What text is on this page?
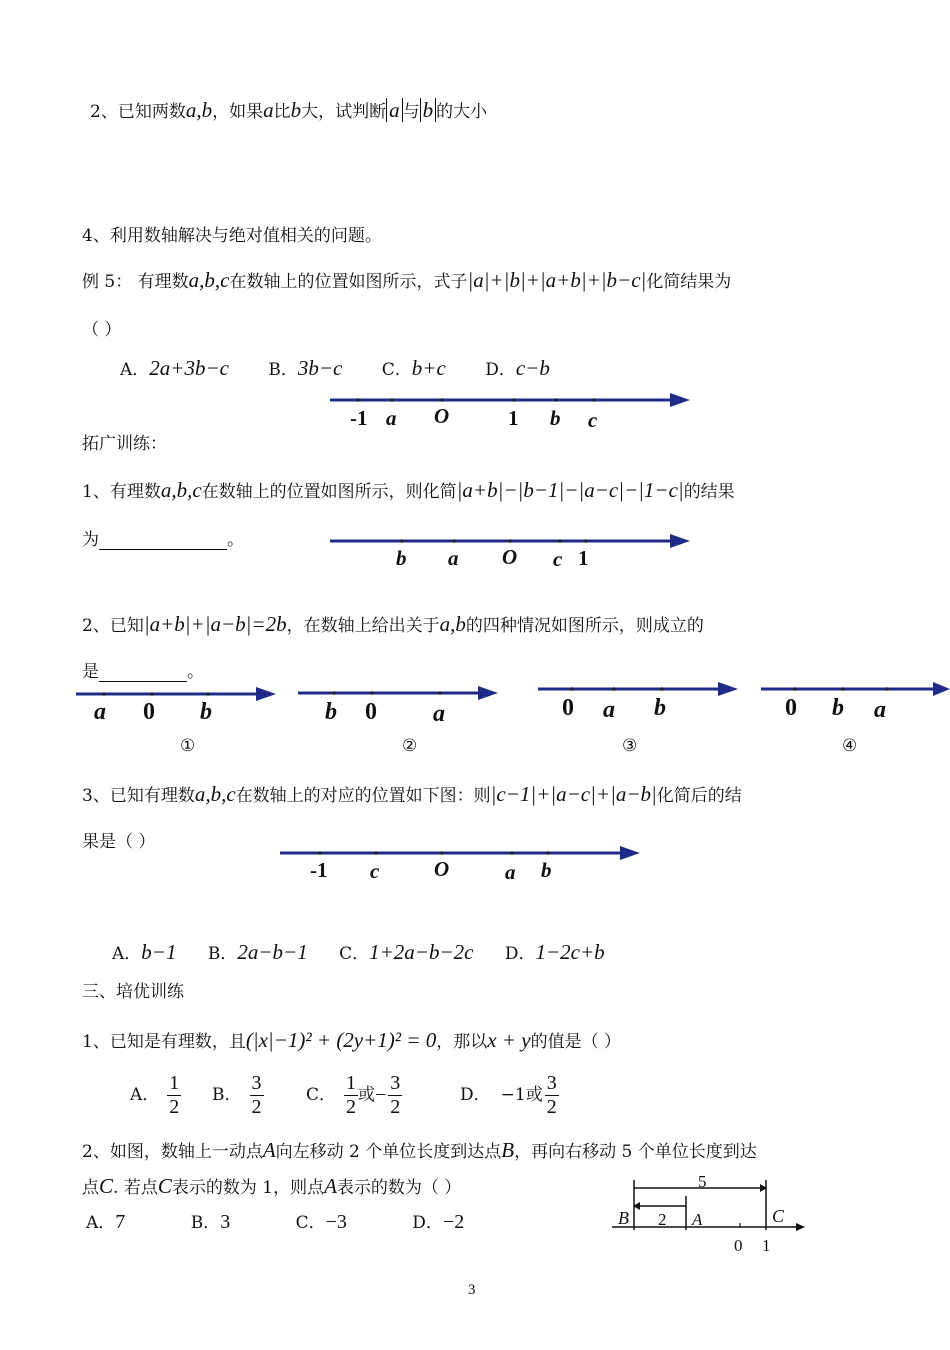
2、已知两数a,b，如果a比b大，试判断 a 与 b 的大小
4、利用数轴解决与绝对值相关的问题。
例 5： 有理数a,b,c在数轴上的位置如图所示，式子|a|+|b|+|a+b|+|b−c|化简结果为
（ ）
A．2a+3b−c B．3b−c C．b+c D．c−b
-1 a O	1 b c
拓广训练：
1、有理数a,b,c在数轴上的位置如图所示，则化简|a+b|−|b−1|−|a−c|−|1−c|的结果
为	。
b a O c 1
2、已知|a+b|+|a−b|=2b，在数轴上给出关于a,b的四种情况如图所示，则成立的
是	。
a 0 b
①
b 0 a
②
0 a b
③
0 b a
④
3、已知有理数a,b,c在数轴上的对应的位置如下图：则|c−1|+|a−c|+|a−b|化简后的结
果是（ ）
-1 c	O	a b
A．b−1 B．2a−b−1 C．1+2a−b−2c D．1−2c+b
三、培优训练
1、已知是有理数，且(|x|−1)² + (2y+1)² = 0，那以x + y的值是（ ）
A．
1
2
B．
3
2
C．
1
2
或 −
3
2
D． −1或
3
2
2、如图，数轴上一动点A向左移动 2 个单位长度到达点B，再向右移动 5 个单位长度到达
点C. 若点C表示的数为 1，则点A表示的数为（ ）
A．7	B．3	C．−3	D．−2
5
2
B	A	C
0 1
3
